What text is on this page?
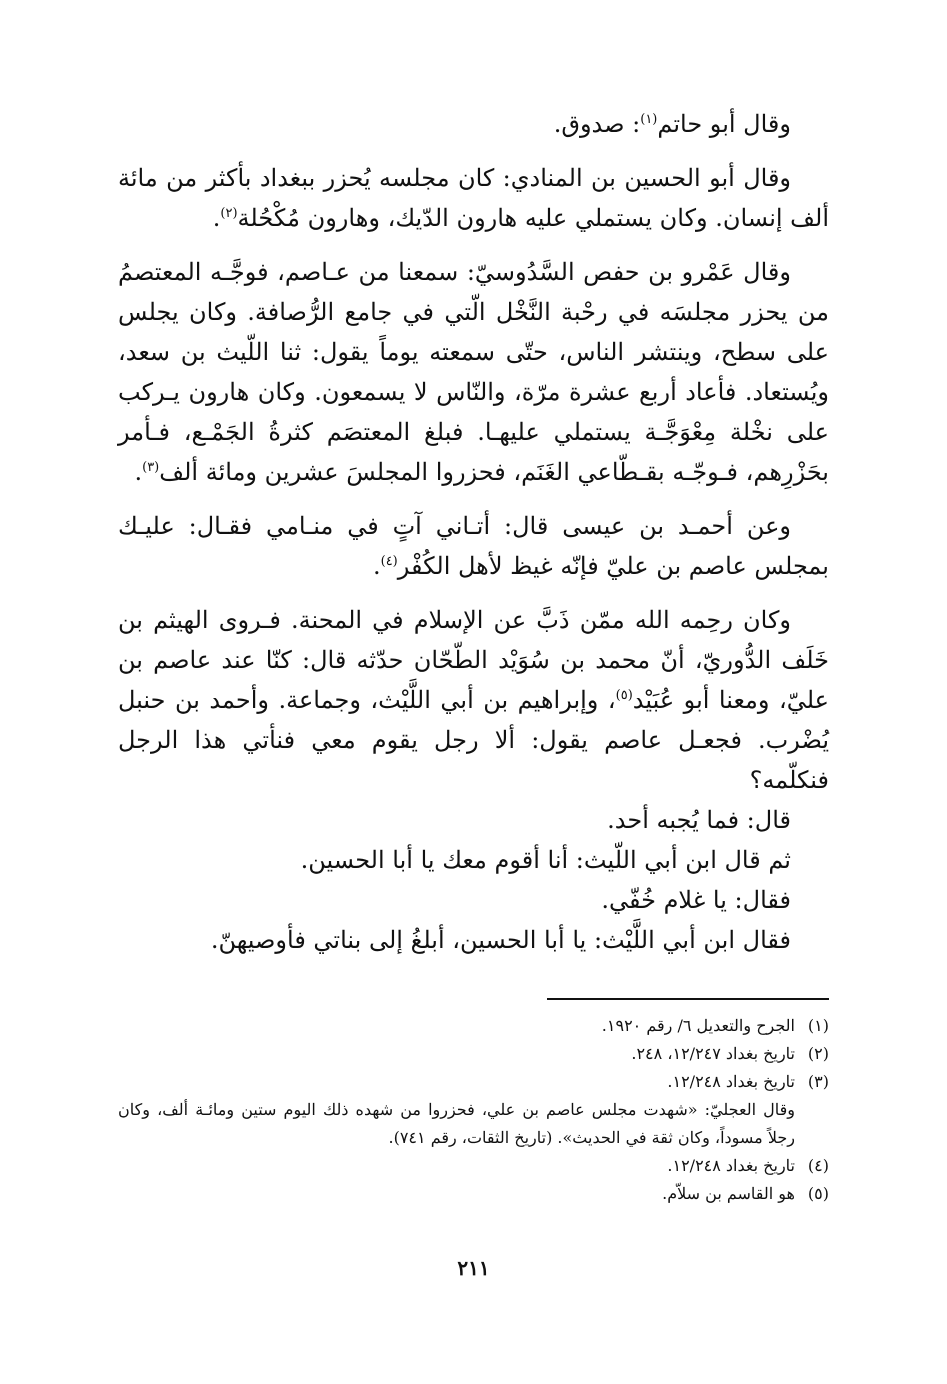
وقال أبو حاتم$^{(١)}$: صدوق.

وقال أبو الحسين بن المنادي: كان مجلسه يُحزر ببغداد بأكثر من مائة ألف إنسان. وكان يستملي عليه هارون الدّيك، وهارون مُكْحُلة$^{(٢)}$.

وقال عَمْرو بن حفص السَّدُوسيّ: سمعنا من عـاصم، فوجَّـه المعتصمُ من يحزر مجلسَه في رحْبة النَّخْل الّتي في جامع الرُّصافة. وكان يجلس على سطح، وينتشر الناس، حتّى سمعته يوماً يقول: ثنا اللّيث بن سعد، ويُستعاد. فأعاد أربع عشرة مرّة، والنّاس لا يسمعون. وكان هارون يـركب على نخْلة مِعْوَجَّـة يستملي عليهـا. فبلغ المعتصَم كثرةُ الجَمْـع، فـأمر بحَزْرِهم، فـوجّـه بقـطّاعي الغَنَم، فحزروا المجلسَ عشرين ومائة ألف$^{(٣)}$.

وعن أحمـد بن عيسى قال: أتـاني آتٍ في منـامي فقـال: عليـك بمجلس عاصم بن عليّ فإنّه غيظ لأهل الكُفْر$^{(٤)}$.

وكان رحِمه الله ممّن ذَبَّ عن الإسلام في المحنة. فـروى الهيثم بن خَلَف الدُّوريّ، أنّ محمد بن سُوَيْد الطّحّان حدّثه قال: كنّا عند عاصم بن عليّ، ومعنا أبو عُبَيْد$^{(٥)}$، وإبراهيم بن أبي اللَّيْث، وجماعة. وأحمد بن حنبل يُضْرب. فجعـل عاصم يقول: ألا رجل يقوم معي فنأتي هذا الرجل فنكلّمه؟

قال: فما يُجبه أحد.
ثم قال ابن أبي اللّيث: أنا أقوم معك يا أبا الحسين.
فقال: يا غلام خُفّي.
فقال ابن أبي اللَّيْث: يا أبا الحسين، أبلغُ إلى بناتي فأوصيهنّ.
(١)الجرح والتعديل ٦/ رقم ١٩٢٠.
(٢)تاريخ بغداد ١٢/٢٤٧، ٢٤٨.
(٣)تاريخ بغداد ١٢/٢٤٨.
وقال العجليّ: «شهدت مجلس عاصم بن علي، فحزروا من شهده ذلك اليوم ستين ومائـة ألف، وكان رجلاً مسوداً، وكان ثقة في الحديث». (تاريخ الثقات، رقم ٧٤١).
(٤)تاريخ بغداد ١٢/٢٤٨.
(٥)هو القاسم بن سلاّم.
٢١١
